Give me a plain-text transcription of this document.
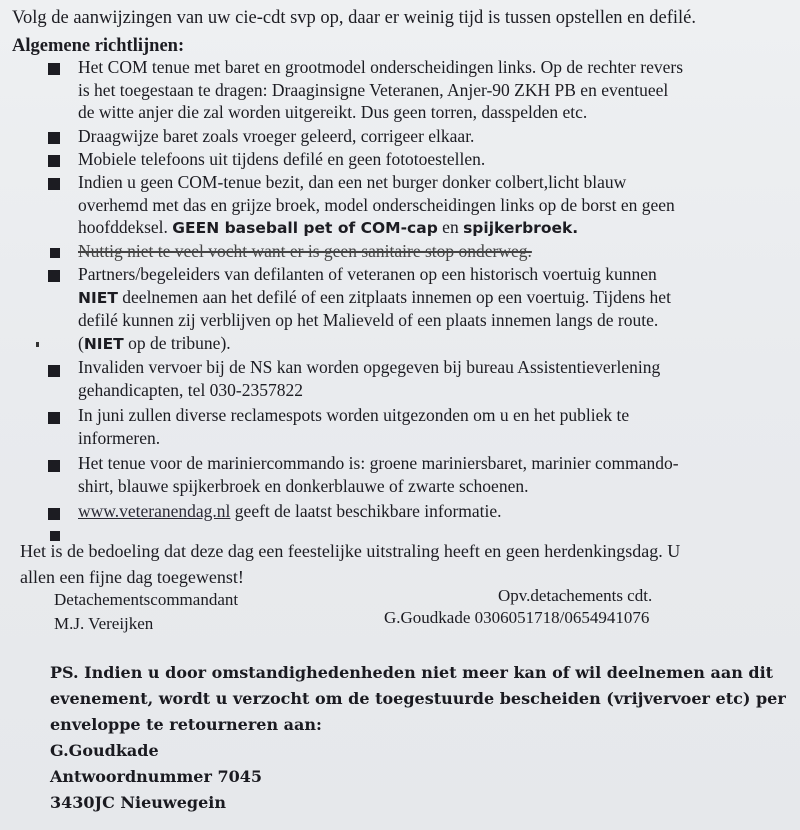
Volg de aanwijzingen van uw cie-cdt svp op, daar er weinig tijd is tussen opstellen en defilé.
Algemene richtlijnen:
Het COM tenue met baret en grootmodel onderscheidingen links. Op de rechter revers
is het toegestaan te dragen: Draaginsigne Veteranen, Anjer-90 ZKH PB en eventueel
de witte anjer die zal worden uitgereikt. Dus geen torren, dasspelden etc.
Draagwijze baret zoals vroeger geleerd, corrigeer elkaar.
Mobiele telefoons uit tijdens defilé en geen fototoestellen.
Indien u geen COM-tenue bezit, dan een net burger donker colbert,licht blauw
overhemd met das en grijze broek, model onderscheidingen links op de borst en geen
hoofddeksel. GEEN baseball pet of COM-cap en spijkerbroek.
Nuttig niet te veel vocht want er is geen sanitaire stop onderweg.
Partners/begeleiders van defilanten of veteranen op een historisch voertuig kunnen
NIET deelnemen aan het defilé of een zitplaats innemen op een voertuig. Tijdens het
defilé kunnen zij verblijven op het Malieveld of een plaats innemen langs de route.
(NIET op de tribune).
Invaliden vervoer bij de NS kan worden opgegeven bij bureau Assistentieverlening
gehandicapten, tel 030-2357822
In juni zullen diverse reclamespots worden uitgezonden om u en het publiek te
informeren.
Het tenue voor de mariniercommando is: groene mariniersbaret, marinier commando-
shirt, blauwe spijkerbroek en donkerblauwe of zwarte schoenen.
www.veteranendag.nl geeft de laatst beschikbare informatie.
Het is de bedoeling dat deze dag een feestelijke uitstraling heeft en geen herdenkingsdag. U
allen een fijne dag toegewenst!
Detachementscommandant
M.J. Vereijken
Opv.detachements cdt.
G.Goudkade 0306051718/0654941076
PS. Indien u door omstandighedenheden niet meer kan of wil deelnemen aan dit
evenement, wordt u verzocht om de toegestuurde bescheiden (vrijvervoer etc) per
enveloppe te retourneren aan:
G.Goudkade
Antwoordnummer 7045
3430JC Nieuwegein
